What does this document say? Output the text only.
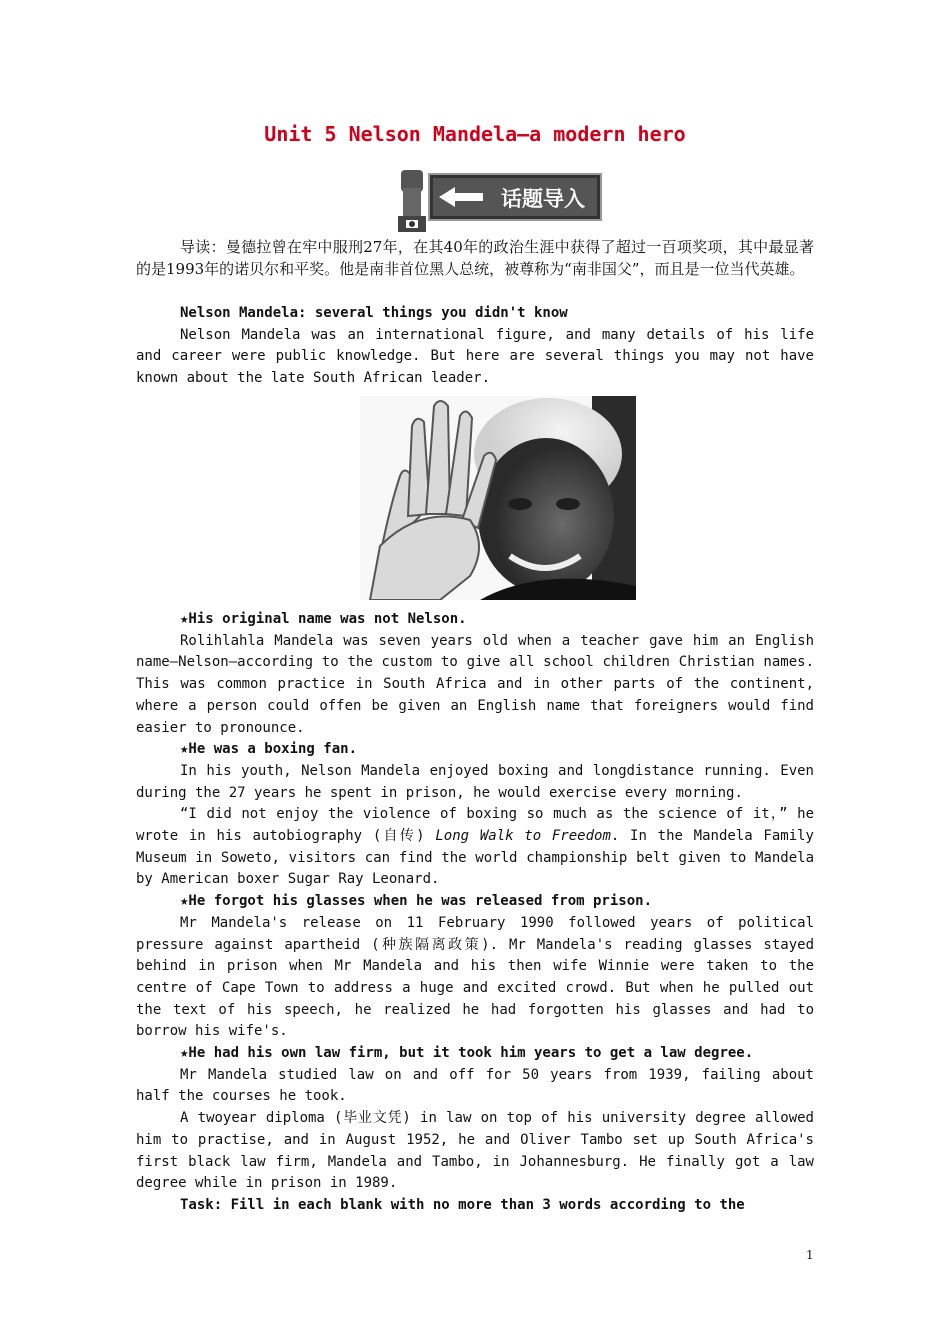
Unit 5 Nelson Mandela—a modern hero
话题导入
导读：曼德拉曾在牢中服刑27年，在其40年的政治生涯中获得了超过一百项奖项，其中最显著的是1993年的诺贝尔和平奖。他是南非首位黑人总统，被尊称为“南非国父”，而且是一位当代英雄。
Nelson Mandela: several things you didn't know
Nelson Mandela was an international figure, and many details of his life and career were public knowledge. But here are several things you may not have known about the late South African leader.
★His original name was not Nelson.
Rolihlahla Mandela was seven years old when a teacher gave him an English name—Nelson—according to the custom to give all school children Christian names. This was common practice in South Africa and in other parts of the continent, where a person could offen be given an English name that foreigners would find easier to pronounce.
★He was a boxing fan.
In his youth, Nelson Mandela enjoyed boxing and longdistance running. Even during the 27 years he spent in prison, he would exercise every morning.
“I did not enjoy the violence of boxing so much as the science of it，” he wrote in his autobiography (自传) Long Walk to Freedom. In the Mandela Family Museum in Soweto, visitors can find the world championship belt given to Mandela by American boxer Sugar Ray Leonard.
★He forgot his glasses when he was released from prison.
Mr Mandela's release on 11 February 1990 followed years of political pressure against apartheid (种族隔离政策). Mr Mandela's reading glasses stayed behind in prison when Mr Mandela and his then wife Winnie were taken to the centre of Cape Town to address a huge and excited crowd. But when he pulled out the text of his speech, he realized he had forgotten his glasses and had to borrow his wife's.
★He had his own law firm, but it took him years to get a law degree.
Mr Mandela studied law on and off for 50 years from 1939, failing about half the courses he took.
A twoyear diploma (毕业文凭) in law on top of his university degree allowed him to practise, and in August 1952, he and Oliver Tambo set up South Africa's first black law firm, Mandela and Tambo, in Johannesburg. He finally got a law degree while in prison in 1989.
Task: Fill in each blank with no more than 3 words according to the
1
